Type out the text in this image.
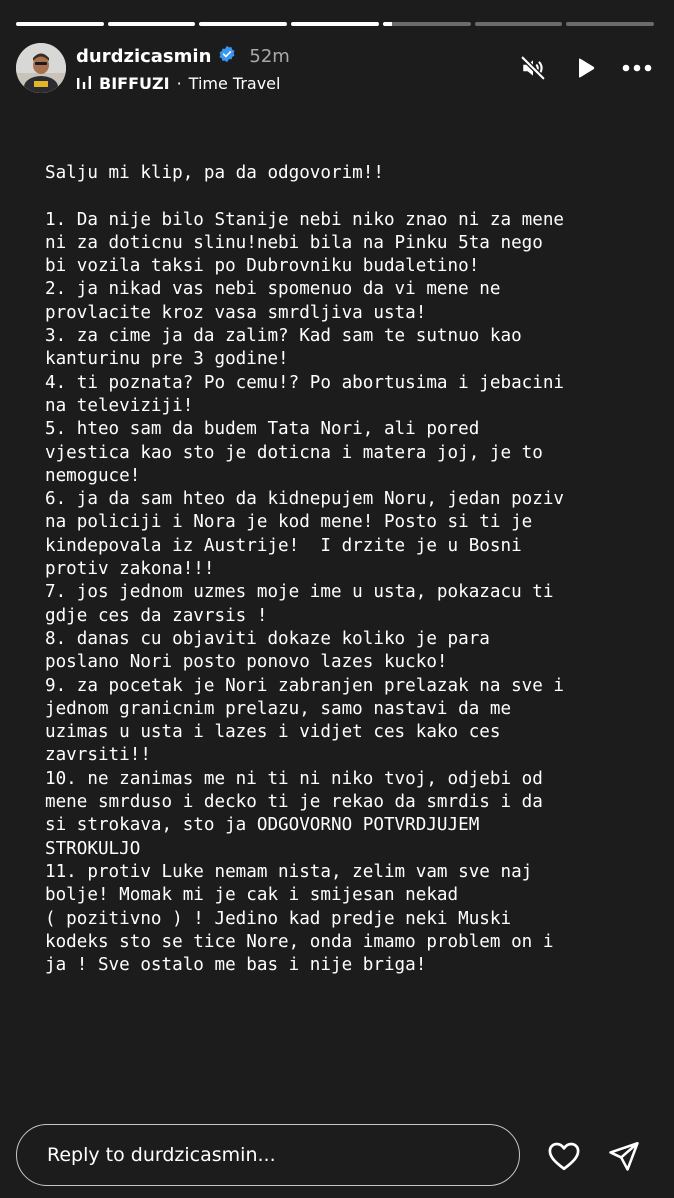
durdzicasmin 52m
BIFFUZI · Time Travel
Salju mi klip, pa da odgovorim!!

1. Da nije bilo Stanije nebi niko znao ni za mene
ni za doticnu slinu!nebi bila na Pinku 5ta nego
bi vozila taksi po Dubrovniku budaletino!
2. ja nikad vas nebi spomenuo da vi mene ne
provlacite kroz vasa smrdljiva usta!
3. za cime ja da zalim? Kad sam te sutnuo kao
kanturinu pre 3 godine!
4. ti poznata? Po cemu!? Po abortusima i jebacini
na televiziji!
5. hteo sam da budem Tata Nori, ali pored
vjestica kao sto je doticna i matera joj, je to
nemoguce!
6. ja da sam hteo da kidnepujem Noru, jedan poziv
na policiji i Nora je kod mene! Posto si ti je
kindepovala iz Austrije!  I drzite je u Bosni
protiv zakona!!!
7. jos jednom uzmes moje ime u usta, pokazacu ti
gdje ces da zavrsis !
8. danas cu objaviti dokaze koliko je para
poslano Nori posto ponovo lazes kucko!
9. za pocetak je Nori zabranjen prelazak na sve i
jednom granicnim prelazu, samo nastavi da me
uzimas u usta i lazes i vidjet ces kako ces
zavrsiti!!
10. ne zanimas me ni ti ni niko tvoj, odjebi od
mene smrduso i decko ti je rekao da smrdis i da
si strokava, sto ja ODGOVORNO POTVRDJUJEM
STROKULJO
11. protiv Luke nemam nista, zelim vam sve naj
bolje! Momak mi je cak i smijesan nekad
( pozitivno ) ! Jedino kad predje neki Muski
kodeks sto se tice Nore, onda imamo problem on i
ja ! Sve ostalo me bas i nije briga!
Reply to durdzicasmin...
